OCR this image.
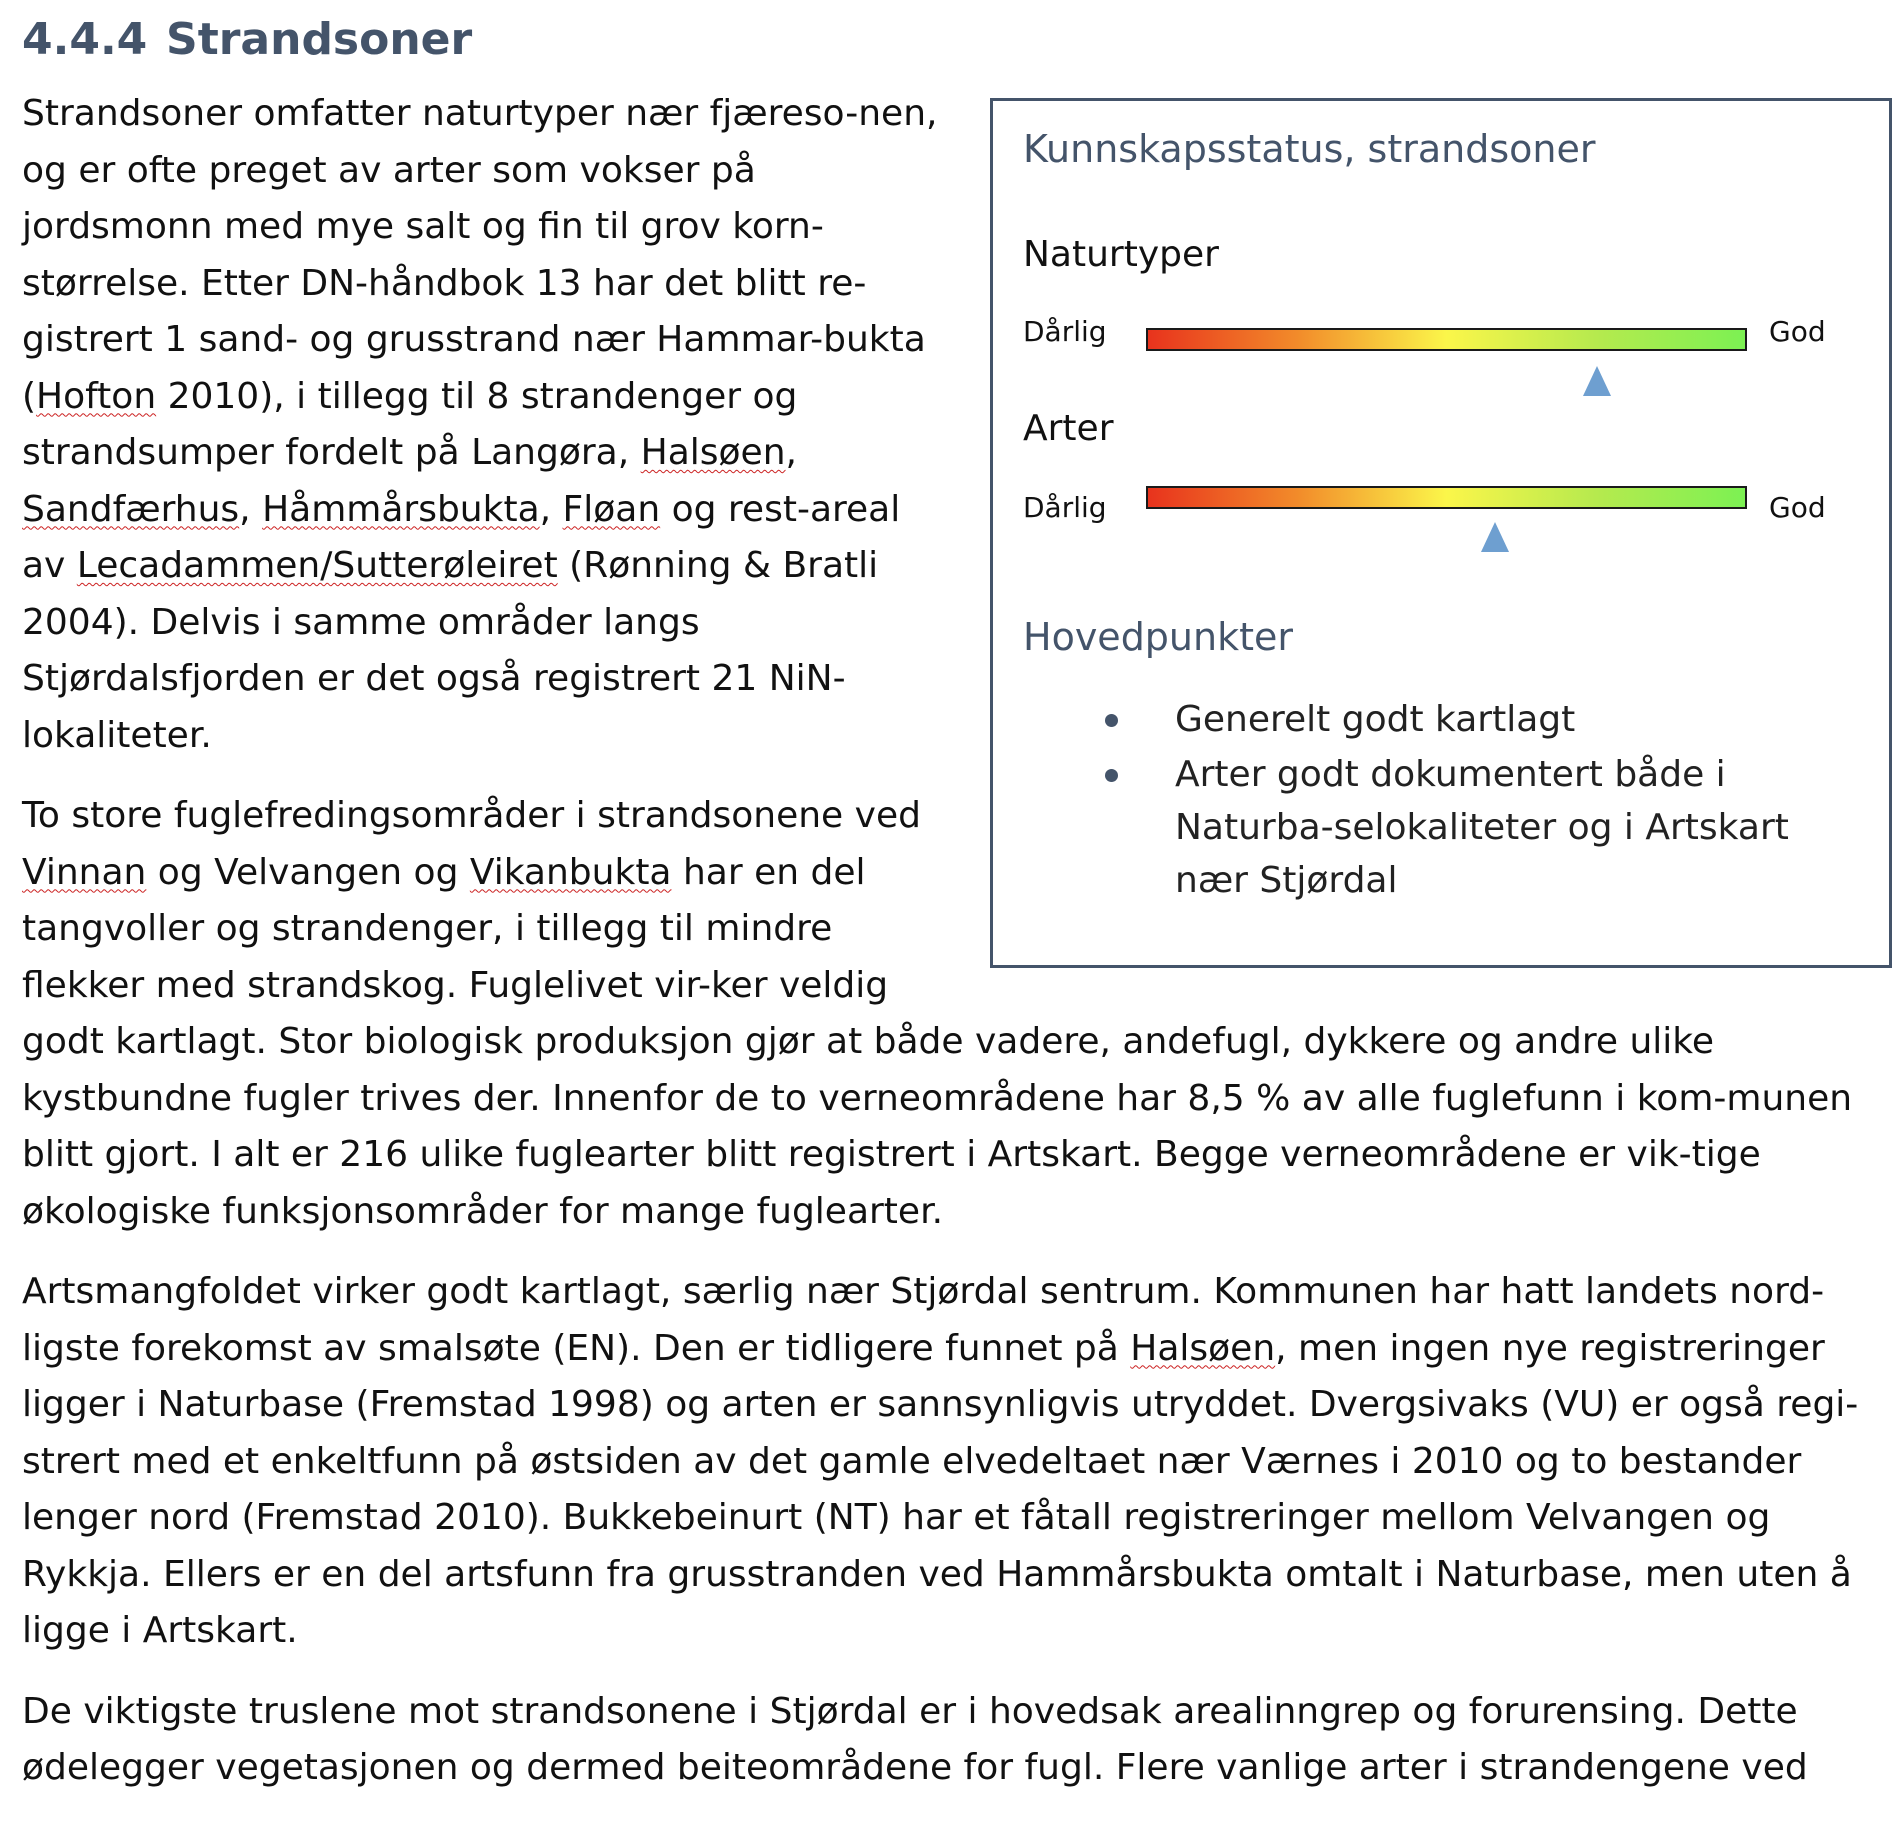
4.4.4 Strandsoner
Kunnskapsstatus, strandsoner
Naturtyper
Dårlig	God
Arter
Dårlig	God
Hovedpunkter
Generelt godt kartlagt
Arter godt dokumentert både i Naturba-selokaliteter og i Artskart nær Stjørdal

Strandsoner omfatter naturtyper nær fjæreso-nen, og er ofte preget av arter som vokser på jordsmonn med mye salt og fin til grov korn-størrelse. Etter DN-håndbok 13 har det blitt re-gistrert 1 sand- og grusstrand nær Hammar-bukta (Hofton 2010), i tillegg til 8 strandenger og strandsumper fordelt på Langøra, Halsøen, Sandfærhus, Håmmårsbukta, Fløan og rest-areal av Lecadammen/Sutterøleiret (Rønning & Bratli 2004). Delvis i samme områder langs Stjørdalsfjorden er det også registrert 21 NiN-lokaliteter.

To store fuglefredingsområder i strandsonene ved Vinnan og Velvangen og Vikanbukta har en del tangvoller og strandenger, i tillegg til mindre flekker med strandskog. Fuglelivet vir-ker veldig godt kartlagt. Stor biologisk produksjon gjør at både vadere, andefugl, dykkere og andre ulike kystbundne fugler trives der. Innenfor de to verneområdene har 8,5 % av alle fuglefunn i kom-munen blitt gjort. I alt er 216 ulike fuglearter blitt registrert i Artskart. Begge verneområdene er vik-tige økologiske funksjonsområder for mange fuglearter.

Artsmangfoldet virker godt kartlagt, særlig nær Stjørdal sentrum. Kommunen har hatt landets nord-ligste forekomst av smalsøte (EN). Den er tidligere funnet på Halsøen, men ingen nye registreringer ligger i Naturbase (Fremstad 1998) og arten er sannsynligvis utryddet. Dvergsivaks (VU) er også regi-strert med et enkeltfunn på østsiden av det gamle elvedeltaet nær Værnes i 2010 og to bestander lenger nord (Fremstad 2010). Bukkebeinurt (NT) har et fåtall registreringer mellom Velvangen og Rykkja. Ellers er en del artsfunn fra grusstranden ved Hammårsbukta omtalt i Naturbase, men uten å ligge i Artskart.

De viktigste truslene mot strandsonene i Stjørdal er i hovedsak arealinngrep og forurensing. Dette ødelegger vegetasjonen og dermed beiteområdene for fugl. Flere vanlige arter i strandengene ved
